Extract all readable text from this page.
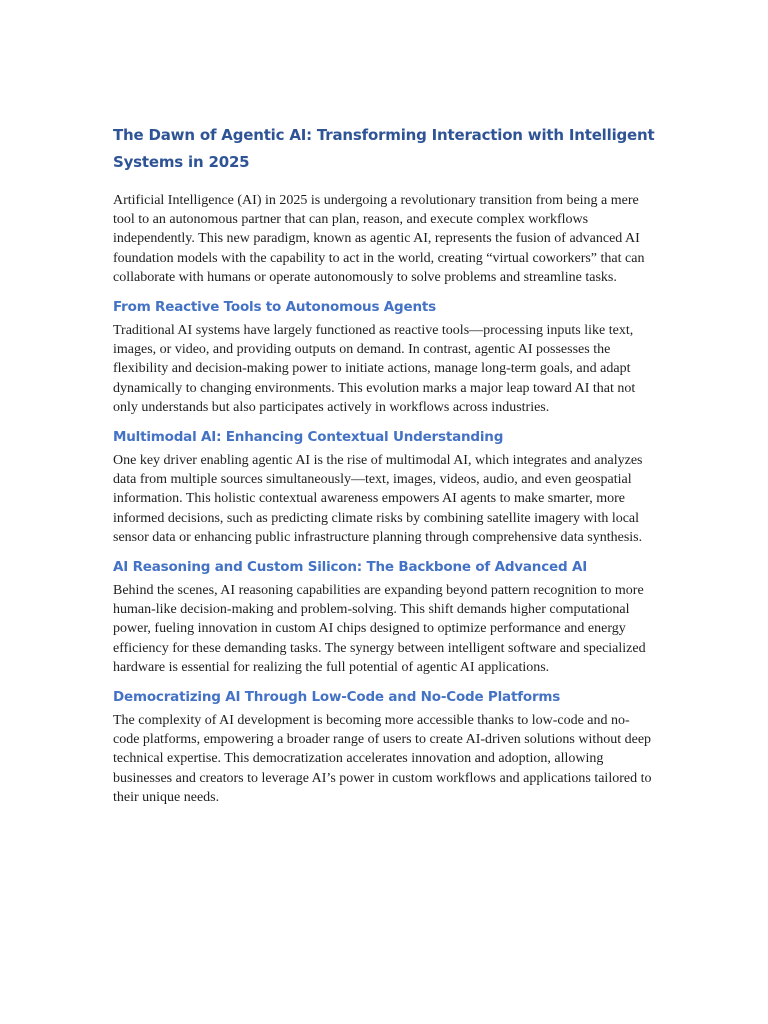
The Dawn of Agentic AI: Transforming Interaction with Intelligent Systems in 2025

Artificial Intelligence (AI) in 2025 is undergoing a revolutionary transition from being a mere tool to an autonomous partner that can plan, reason, and execute complex workflows independently. This new paradigm, known as agentic AI, represents the fusion of advanced AI foundation models with the capability to act in the world, creating “virtual coworkers” that can collaborate with humans or operate autonomously to solve problems and streamline tasks.

From Reactive Tools to Autonomous Agents

Traditional AI systems have largely functioned as reactive tools—processing inputs like text, images, or video, and providing outputs on demand. In contrast, agentic AI possesses the flexibility and decision-making power to initiate actions, manage long-term goals, and adapt dynamically to changing environments. This evolution marks a major leap toward AI that not only understands but also participates actively in workflows across industries.

Multimodal AI: Enhancing Contextual Understanding

One key driver enabling agentic AI is the rise of multimodal AI, which integrates and analyzes data from multiple sources simultaneously—text, images, videos, audio, and even geospatial information. This holistic contextual awareness empowers AI agents to make smarter, more informed decisions, such as predicting climate risks by combining satellite imagery with local sensor data or enhancing public infrastructure planning through comprehensive data synthesis.

AI Reasoning and Custom Silicon: The Backbone of Advanced AI

Behind the scenes, AI reasoning capabilities are expanding beyond pattern recognition to more human-like decision-making and problem-solving. This shift demands higher computational power, fueling innovation in custom AI chips designed to optimize performance and energy efficiency for these demanding tasks. The synergy between intelligent software and specialized hardware is essential for realizing the full potential of agentic AI applications.

Democratizing AI Through Low-Code and No-Code Platforms

The complexity of AI development is becoming more accessible thanks to low-code and no-code platforms, empowering a broader range of users to create AI-driven solutions without deep technical expertise. This democratization accelerates innovation and adoption, allowing businesses and creators to leverage AI’s power in custom workflows and applications tailored to their unique needs.
